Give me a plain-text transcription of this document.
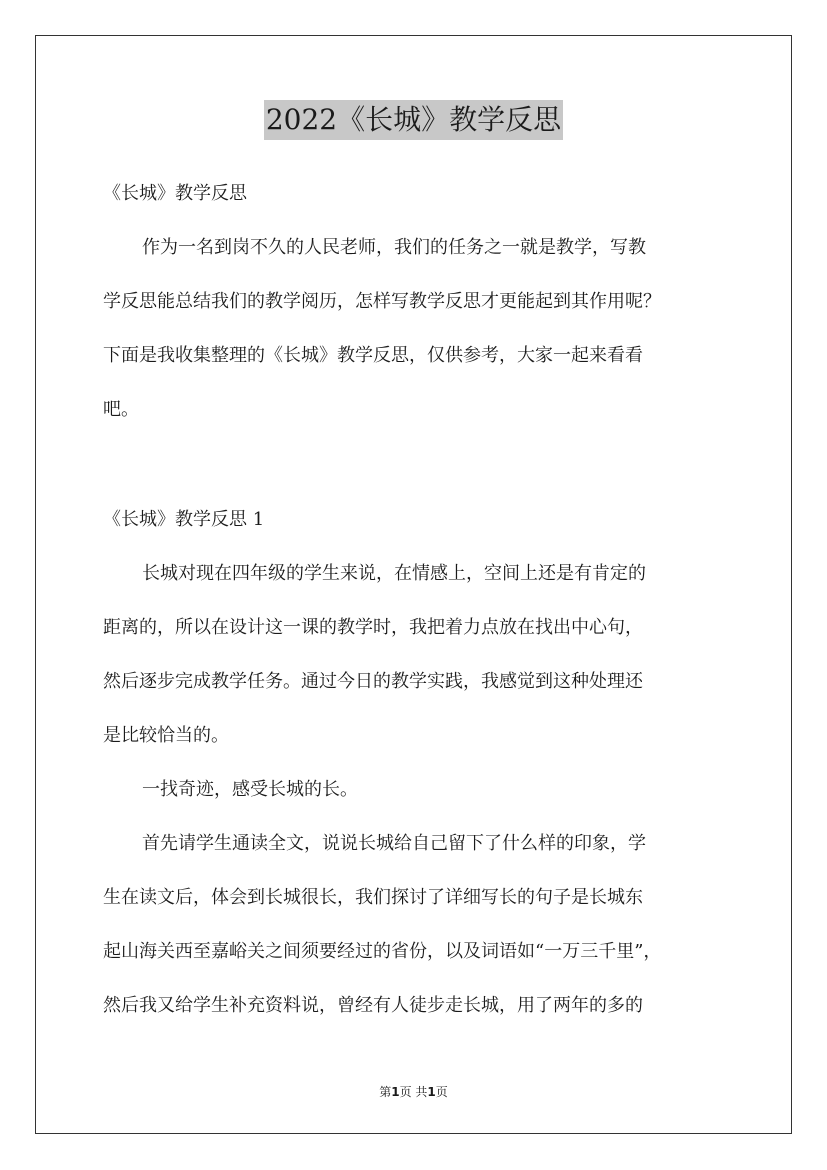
2022《长城》教学反思
《长城》教学反思
作为一名到岗不久的人民老师，我们的任务之一就是教学，写教
学反思能总结我们的教学阅历，怎样写教学反思才更能起到其作用呢？
下面是我收集整理的《长城》教学反思，仅供参考，大家一起来看看
吧。
《长城》教学反思 1
长城对现在四年级的学生来说，在情感上，空间上还是有肯定的
距离的，所以在设计这一课的教学时，我把着力点放在找出中心句，
然后逐步完成教学任务。通过今日的教学实践，我感觉到这种处理还
是比较恰当的。
一找奇迹，感受长城的长。
首先请学生通读全文，说说长城给自己留下了什么样的印象，学
生在读文后，体会到长城很长，我们探讨了详细写长的句子是长城东
起山海关西至嘉峪关之间须要经过的省份，以及词语如“一万三千里”，
然后我又给学生补充资料说，曾经有人徒步走长城，用了两年的多的
第1页 共1页
